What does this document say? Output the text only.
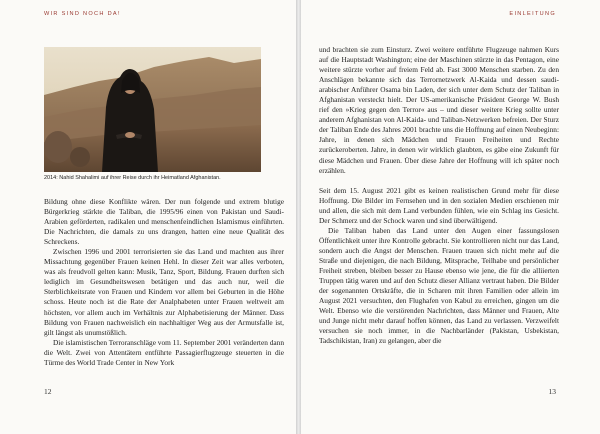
WIR SIND NOCH DA!
2014: Nahid Shahalimi auf ihrer Reise durch ihr Heimatland Afghanistan.

Bildung ohne diese Konflikte wären. Der nun folgende und extrem blutige Bürgerkrieg stärkte die Taliban, die 1995/96 einen von Pakistan und Saudi-Arabien geförderten, radikalen und menschenfeindlichen Islamismus einführten. Die Nachrichten, die damals zu uns drangen, hatten eine neue Qualität des Schreckens.

Zwischen 1996 und 2001 terrorisierten sie das Land und machten aus ihrer Missachtung gegenüber Frauen keinen Hehl. In dieser Zeit war alles verboten, was als freudvoll gelten kann: Musik, Tanz, Sport, Bildung. Frauen durften sich lediglich im Gesundheitswesen betätigen und das auch nur, weil die Sterblichkeitsrate von Frauen und Kindern vor allem bei Geburten in die Höhe schoss. Heute noch ist die Rate der Analphabeten unter Frauen weltweit am höchsten, vor allem auch im Verhältnis zur Alphabetisierung der Männer. Dass Bildung von Frauen nachweislich ein nachhaltiger Weg aus der Armutsfalle ist, gilt längst als unumstößlich.

Die islamistischen Terroranschläge vom 11. September 2001 veränderten dann die Welt. Zwei von Attentätern entführte Passagierflugzeuge steuerten in die Türme des World Trade Center in New York

12
EINLEITUNG

und brachten sie zum Einsturz. Zwei weitere entführte Flugzeuge nahmen Kurs auf die Hauptstadt Washington; eine der Maschinen stürzte in das Pentagon, eine weitere stürzte vorher auf freiem Feld ab. Fast 3000 Menschen starben. Zu den Anschlägen bekannte sich das Terrornetzwerk Al-Kaida und dessen saudi-arabischer Anführer Osama bin Laden, der sich unter dem Schutz der Taliban in Afghanistan versteckt hielt. Der US-amerikanische Präsident George W. Bush rief den »Krieg gegen den Terror« aus – und dieser weitere Krieg sollte unter anderem Afghanistan von Al-Kaida- und Taliban-Netzwerken befreien. Der Sturz der Taliban Ende des Jahres 2001 brachte uns die Hoffnung auf einen Neubeginn: Jahre, in denen sich Mädchen und Frauen Freiheiten und Rechte zurückeroberten. Jahre, in denen wir wirklich glaubten, es gäbe eine Zukunft für diese Mädchen und Frauen. Über diese Jahre der Hoffnung will ich später noch erzählen.

Seit dem 15. August 2021 gibt es keinen realistischen Grund mehr für diese Hoffnung. Die Bilder im Fernsehen und in den sozialen Medien erschienen mir und allen, die sich mit dem Land verbunden fühlen, wie ein Schlag ins Gesicht. Der Schmerz und der Schock waren und sind überwältigend.

Die Taliban haben das Land unter den Augen einer fassungslosen Öffentlichkeit unter ihre Kontrolle gebracht. Sie kontrollieren nicht nur das Land, sondern auch die Angst der Menschen. Frauen trauen sich nicht mehr auf die Straße und diejenigen, die nach Bildung, Mitsprache, Teilhabe und persönlicher Freiheit streben, bleiben besser zu Hause ebenso wie jene, die für die alliierten Truppen tätig waren und auf den Schutz dieser Allianz vertraut haben. Die Bilder der sogenannten Ortskräfte, die in Scharen mit ihren Familien oder allein im August 2021 versuchten, den Flughafen von Kabul zu erreichen, gingen um die Welt. Ebenso wie die verstörenden Nachrichten, dass Männer und Frauen, Alte und Junge nicht mehr darauf hoffen können, das Land zu verlassen. Verzweifelt versuchen sie noch immer, in die Nachbarländer (Pakistan, Usbekistan, Tadschikistan, Iran) zu gelangen, aber die

13
